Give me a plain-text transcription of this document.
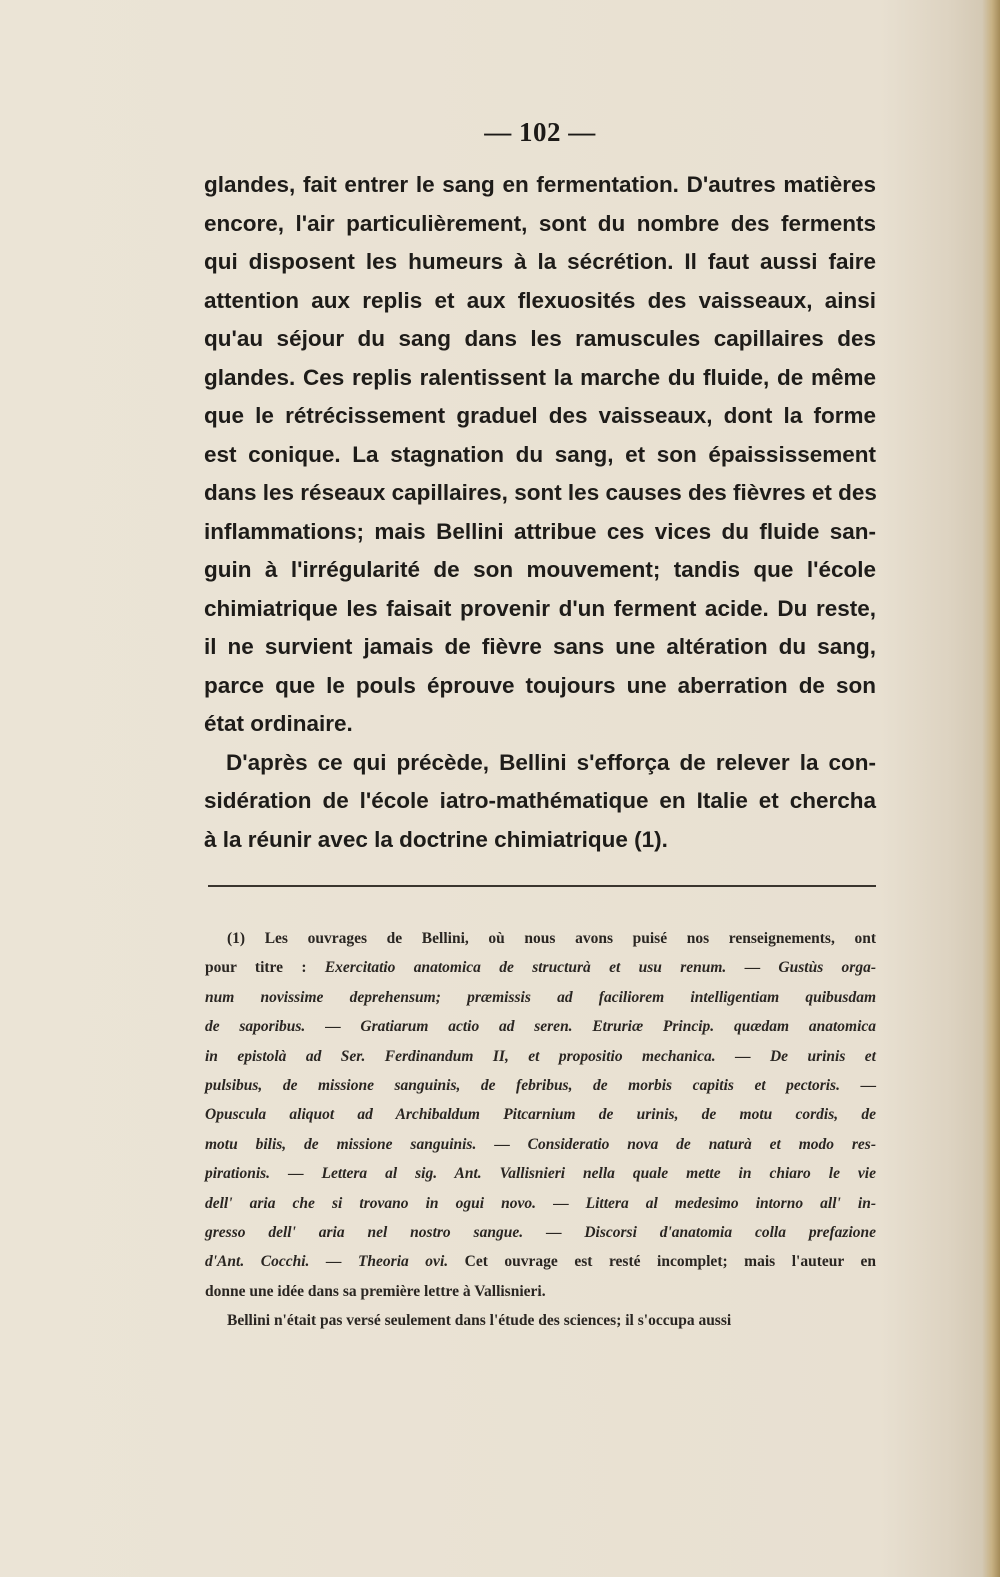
— 102 —
glandes, fait entrer le sang en fermentation. D'autres matières
encore, l'air particulièrement, sont du nombre des ferments
qui disposent les humeurs à la sécrétion. Il faut aussi faire
attention aux replis et aux flexuosités des vaisseaux, ainsi
qu'au séjour du sang dans les ramuscules capillaires des
glandes. Ces replis ralentissent la marche du fluide, de même
que le rétrécissement graduel des vaisseaux, dont la forme
est conique. La stagnation du sang, et son épaississement
dans les réseaux capillaires, sont les causes des fièvres et des
inflammations; mais Bellini attribue ces vices du fluide san-
guin à l'irrégularité de son mouvement; tandis que l'école
chimiatrique les faisait provenir d'un ferment acide. Du reste,
il ne survient jamais de fièvre sans une altération du sang,
parce que le pouls éprouve toujours une aberration de son
état ordinaire.
D'après ce qui précède, Bellini s'efforça de relever la con-
sidération de l'école iatro-mathématique en Italie et chercha
à la réunir avec la doctrine chimiatrique (1).
(1) Les ouvrages de Bellini, où nous avons puisé nos renseignements, ont
pour titre : Exercitatio anatomica de structurà et usu renum. — Gustùs orga-
num novissime deprehensum; præmissis ad faciliorem intelligentiam quibusdam
de saporibus. — Gratiarum actio ad seren. Etruriæ Princip. quædam anatomica
in epistolà ad Ser. Ferdinandum II, et propositio mechanica. — De urinis et
pulsibus, de missione sanguinis, de febribus, de morbis capitis et pectoris. —
Opuscula aliquot ad Archibaldum Pitcarnium de urinis, de motu cordis, de
motu bilis, de missione sanguinis. — Consideratio nova de naturà et modo res-
pirationis. — Lettera al sig. Ant. Vallisnieri nella quale mette in chiaro le vie
dell' aria che si trovano in ogui novo. — Littera al medesimo intorno all' in-
gresso dell' aria nel nostro sangue. — Discorsi d'anatomia colla prefazione
d'Ant. Cocchi. — Theoria ovi. Cet ouvrage est resté incomplet; mais l'auteur en
donne une idée dans sa première lettre à Vallisnieri.
Bellini n'était pas versé seulement dans l'étude des sciences; il s'occupa aussi
